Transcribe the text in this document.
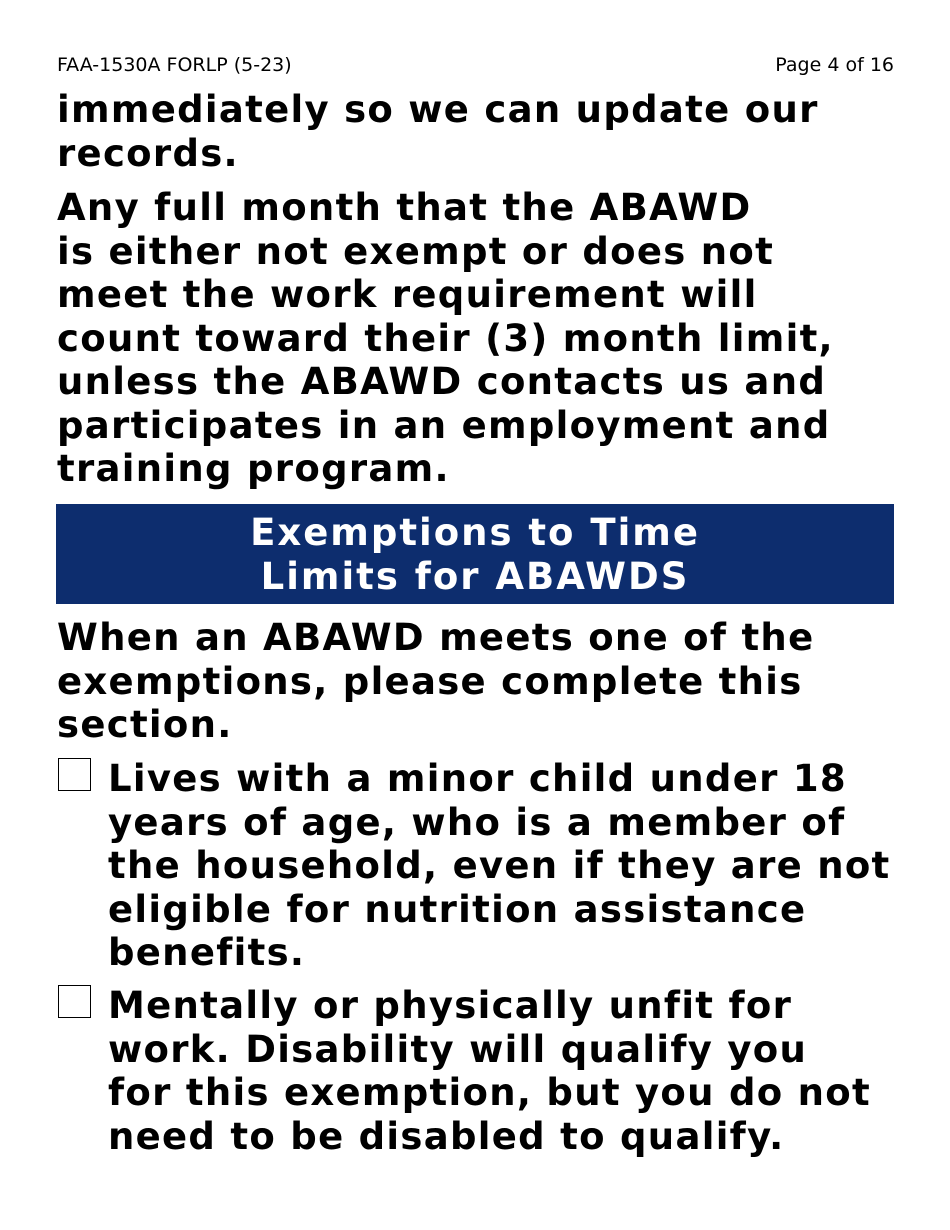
FAA-1530A FORLP (5-23)	Page 4 of 16

immediately so we can update our
records.

Any full month that the ABAWD
is either not exempt or does not
meet the work requirement will
count toward their (3) month limit,
unless the ABAWD contacts us and
participates in an employment and
training program.

Exemptions to Time
Limits for ABAWDS

When an ABAWD meets one of the
exemptions, please complete this
section.

Lives with a minor child under 18
years of age, who is a member of
the household, even if they are not
eligible for nutrition assistance
benefits.

Mentally or physically unfit for
work. Disability will qualify you
for this exemption, but you do not
need to be disabled to qualify.
